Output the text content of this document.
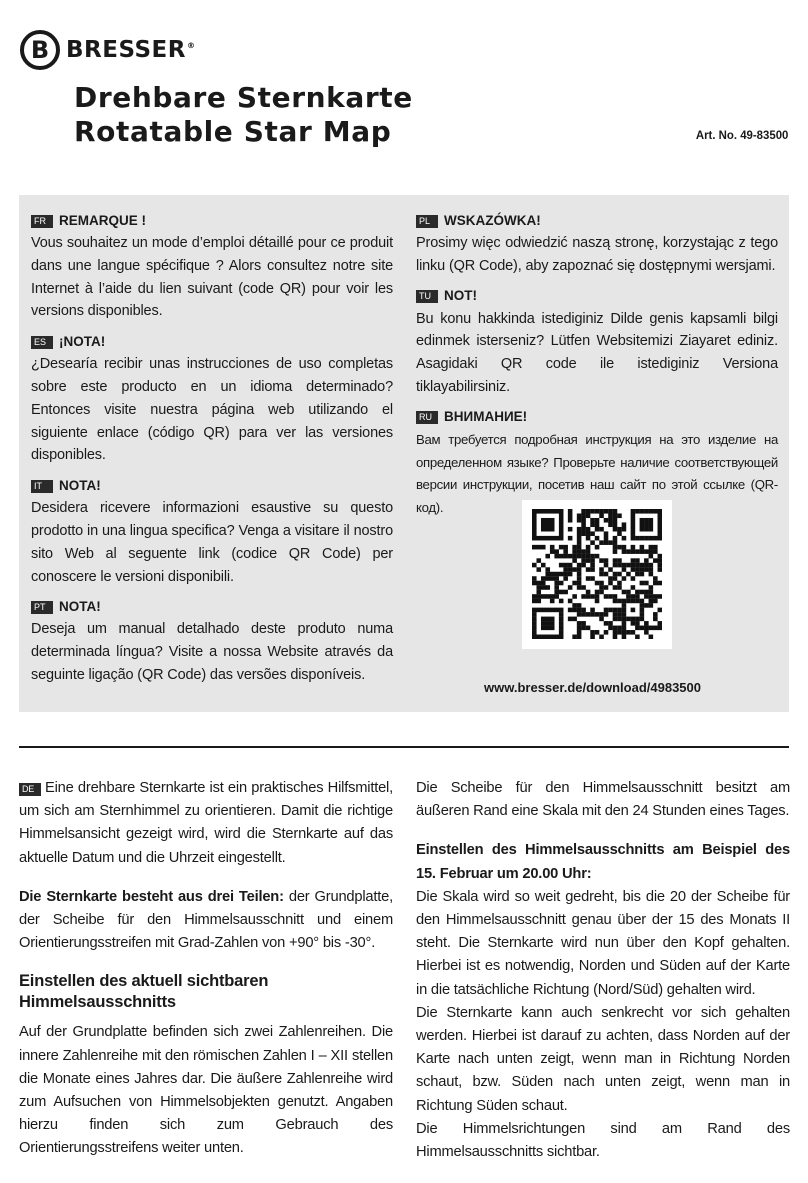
B BRESSER®
Drehbare Sternkarte
Rotatable Star Map	Art. No. 49-83500
FR REMARQUE !
Vous souhaitez un mode d’emploi détaillé pour ce produit dans une langue spécifique ? Alors consultez notre site Internet à l’aide du lien suivant (code QR) pour voir les versions disponibles.
ES ¡NOTA!
¿Desearía recibir unas instrucciones de uso completas sobre este producto en un idioma determinado? Entonces visite nuestra página web utilizando el siguiente enlace (código QR) para ver las versiones disponibles.
IT	NOTA!
Desidera ricevere informazioni esaustive su questo prodotto in una lingua specifica? Venga a visitare il nostro sito Web al seguente link (codice QR Code) per conoscere le versioni disponibili.
PT NOTA!
Deseja um manual detalhado deste produto numa determinada língua? Visite a nossa Website através da seguinte ligação (QR Code) das versões disponíveis.
PL	WSKAZÓWKA!
Prosimy więc odwiedzić naszą stronę, korzystając z tego linku (QR Code), aby zapoznać się dostępnymi wersjami.
TU NOT!
Bu konu hakkinda istediginiz Dilde genis kapsamli bilgi edinmek isterseniz? Lütfen Websitemizi Ziayaret ediniz. Asagidaki QR code ile istediginiz Versiona tiklayabilirsiniz.
RU ВНИМАНИЕ!
Вам требуется подробная инструкция на это изделие на определенном языке? Проверьте наличие соответствующей версии инструкции, посетив наш сайт по этой ссылке (QR-код).
www.bresser.de/download/4983500
DE Eine drehbare Sternkarte ist ein praktisches Hilfsmittel, um sich am Sternhimmel zu orientieren. Damit die richtige Himmelsansicht gezeigt wird, wird die Sternkarte auf das aktuelle Datum und die Uhrzeit eingestellt.
Die Sternkarte besteht aus drei Teilen: der Grundplatte, der Scheibe für den Himmelsausschnitt und einem Orientierungsstreifen mit Grad-Zahlen von +90° bis -30°.
Einstellen des aktuell sichtbaren Himmelsausschnitts
Auf der Grundplatte befinden sich zwei Zahlenreihen. Die innere Zahlenreihe mit den römischen Zahlen I – XII stellen die Monate eines Jahres dar. Die äußere Zahlenreihe wird zum Aufsuchen von Himmelsobjekten genutzt. Angaben hierzu finden sich zum Gebrauch des Orientierungsstreifens weiter unten.
Die Scheibe für den Himmelsausschnitt besitzt am äußeren Rand eine Skala mit den 24 Stunden eines Tages.
Einstellen des Himmelsausschnitts am Beispiel des 15. Februar um 20.00 Uhr:
Die Skala wird so weit gedreht, bis die 20 der Scheibe für den Himmelsausschnitt genau über der 15 des Monats II steht. Die Sternkarte wird nun über den Kopf gehalten. Hierbei ist es notwendig, Norden und Süden auf der Karte in die tatsächliche Richtung (Nord/Süd) gehalten wird.
Die Sternkarte kann auch senkrecht vor sich gehalten werden. Hierbei ist darauf zu achten, dass Norden auf der Karte nach unten zeigt, wenn man in Richtung Norden schaut, bzw. Süden nach unten zeigt, wenn man in Richtung Süden schaut.
Die Himmelsrichtungen sind am Rand des Himmelsausschnitts sichtbar.
